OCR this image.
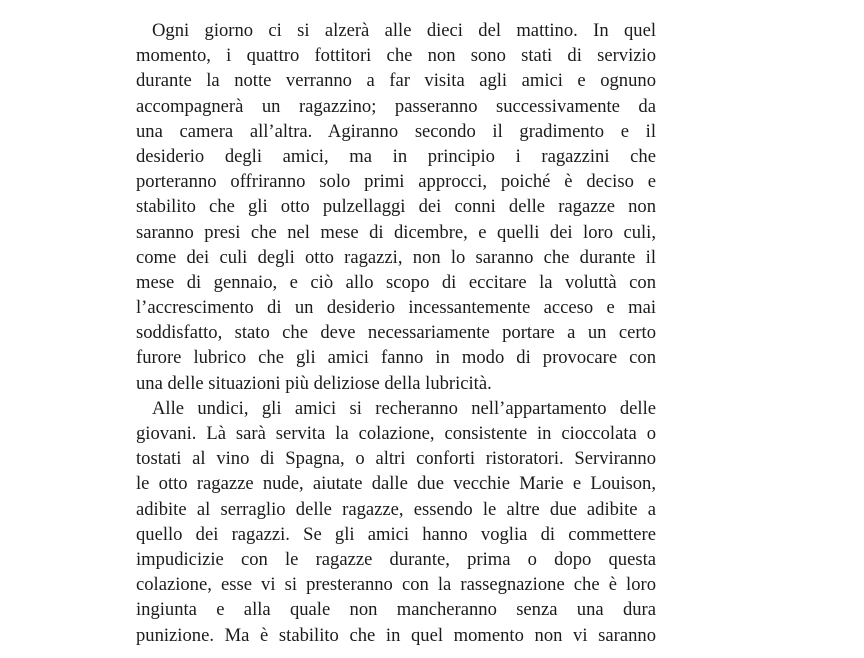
Ogni giorno ci si alzerà alle dieci del mattino. In quel
momento, i quattro fottitori che non sono stati di servizio
durante la notte verranno a far visita agli amici e ognuno
accompagnerà un ragazzino; passeranno successivamente da
una camera all’altra. Agiranno secondo il gradimento e il
desiderio degli amici, ma in principio i ragazzini che
porteranno offriranno solo primi approcci, poiché è deciso e
stabilito che gli otto pulzellaggi dei conni delle ragazze non
saranno presi che nel mese di dicembre, e quelli dei loro culi,
come dei culi degli otto ragazzi, non lo saranno che durante il
mese di gennaio, e ciò allo scopo di eccitare la voluttà con
l’accrescimento di un desiderio incessantemente acceso e mai
soddisfatto, stato che deve necessariamente portare a un certo
furore lubrico che gli amici fanno in modo di provocare con
una delle situazioni più deliziose della lubricità.
Alle undici, gli amici si recheranno nell’appartamento delle
giovani. Là sarà servita la colazione, consistente in cioccolata o
tostati al vino di Spagna, o altri conforti ristoratori. Serviranno
le otto ragazze nude, aiutate dalle due vecchie Marie e Louison,
adibite al serraglio delle ragazze, essendo le altre due adibite a
quello dei ragazzi. Se gli amici hanno voglia di commettere
impudicizie con le ragazze durante, prima o dopo questa
colazione, esse vi si presteranno con la rassegnazione che è loro
ingiunta e alla quale non mancheranno senza una dura
punizione. Ma è stabilito che in quel momento non vi saranno
